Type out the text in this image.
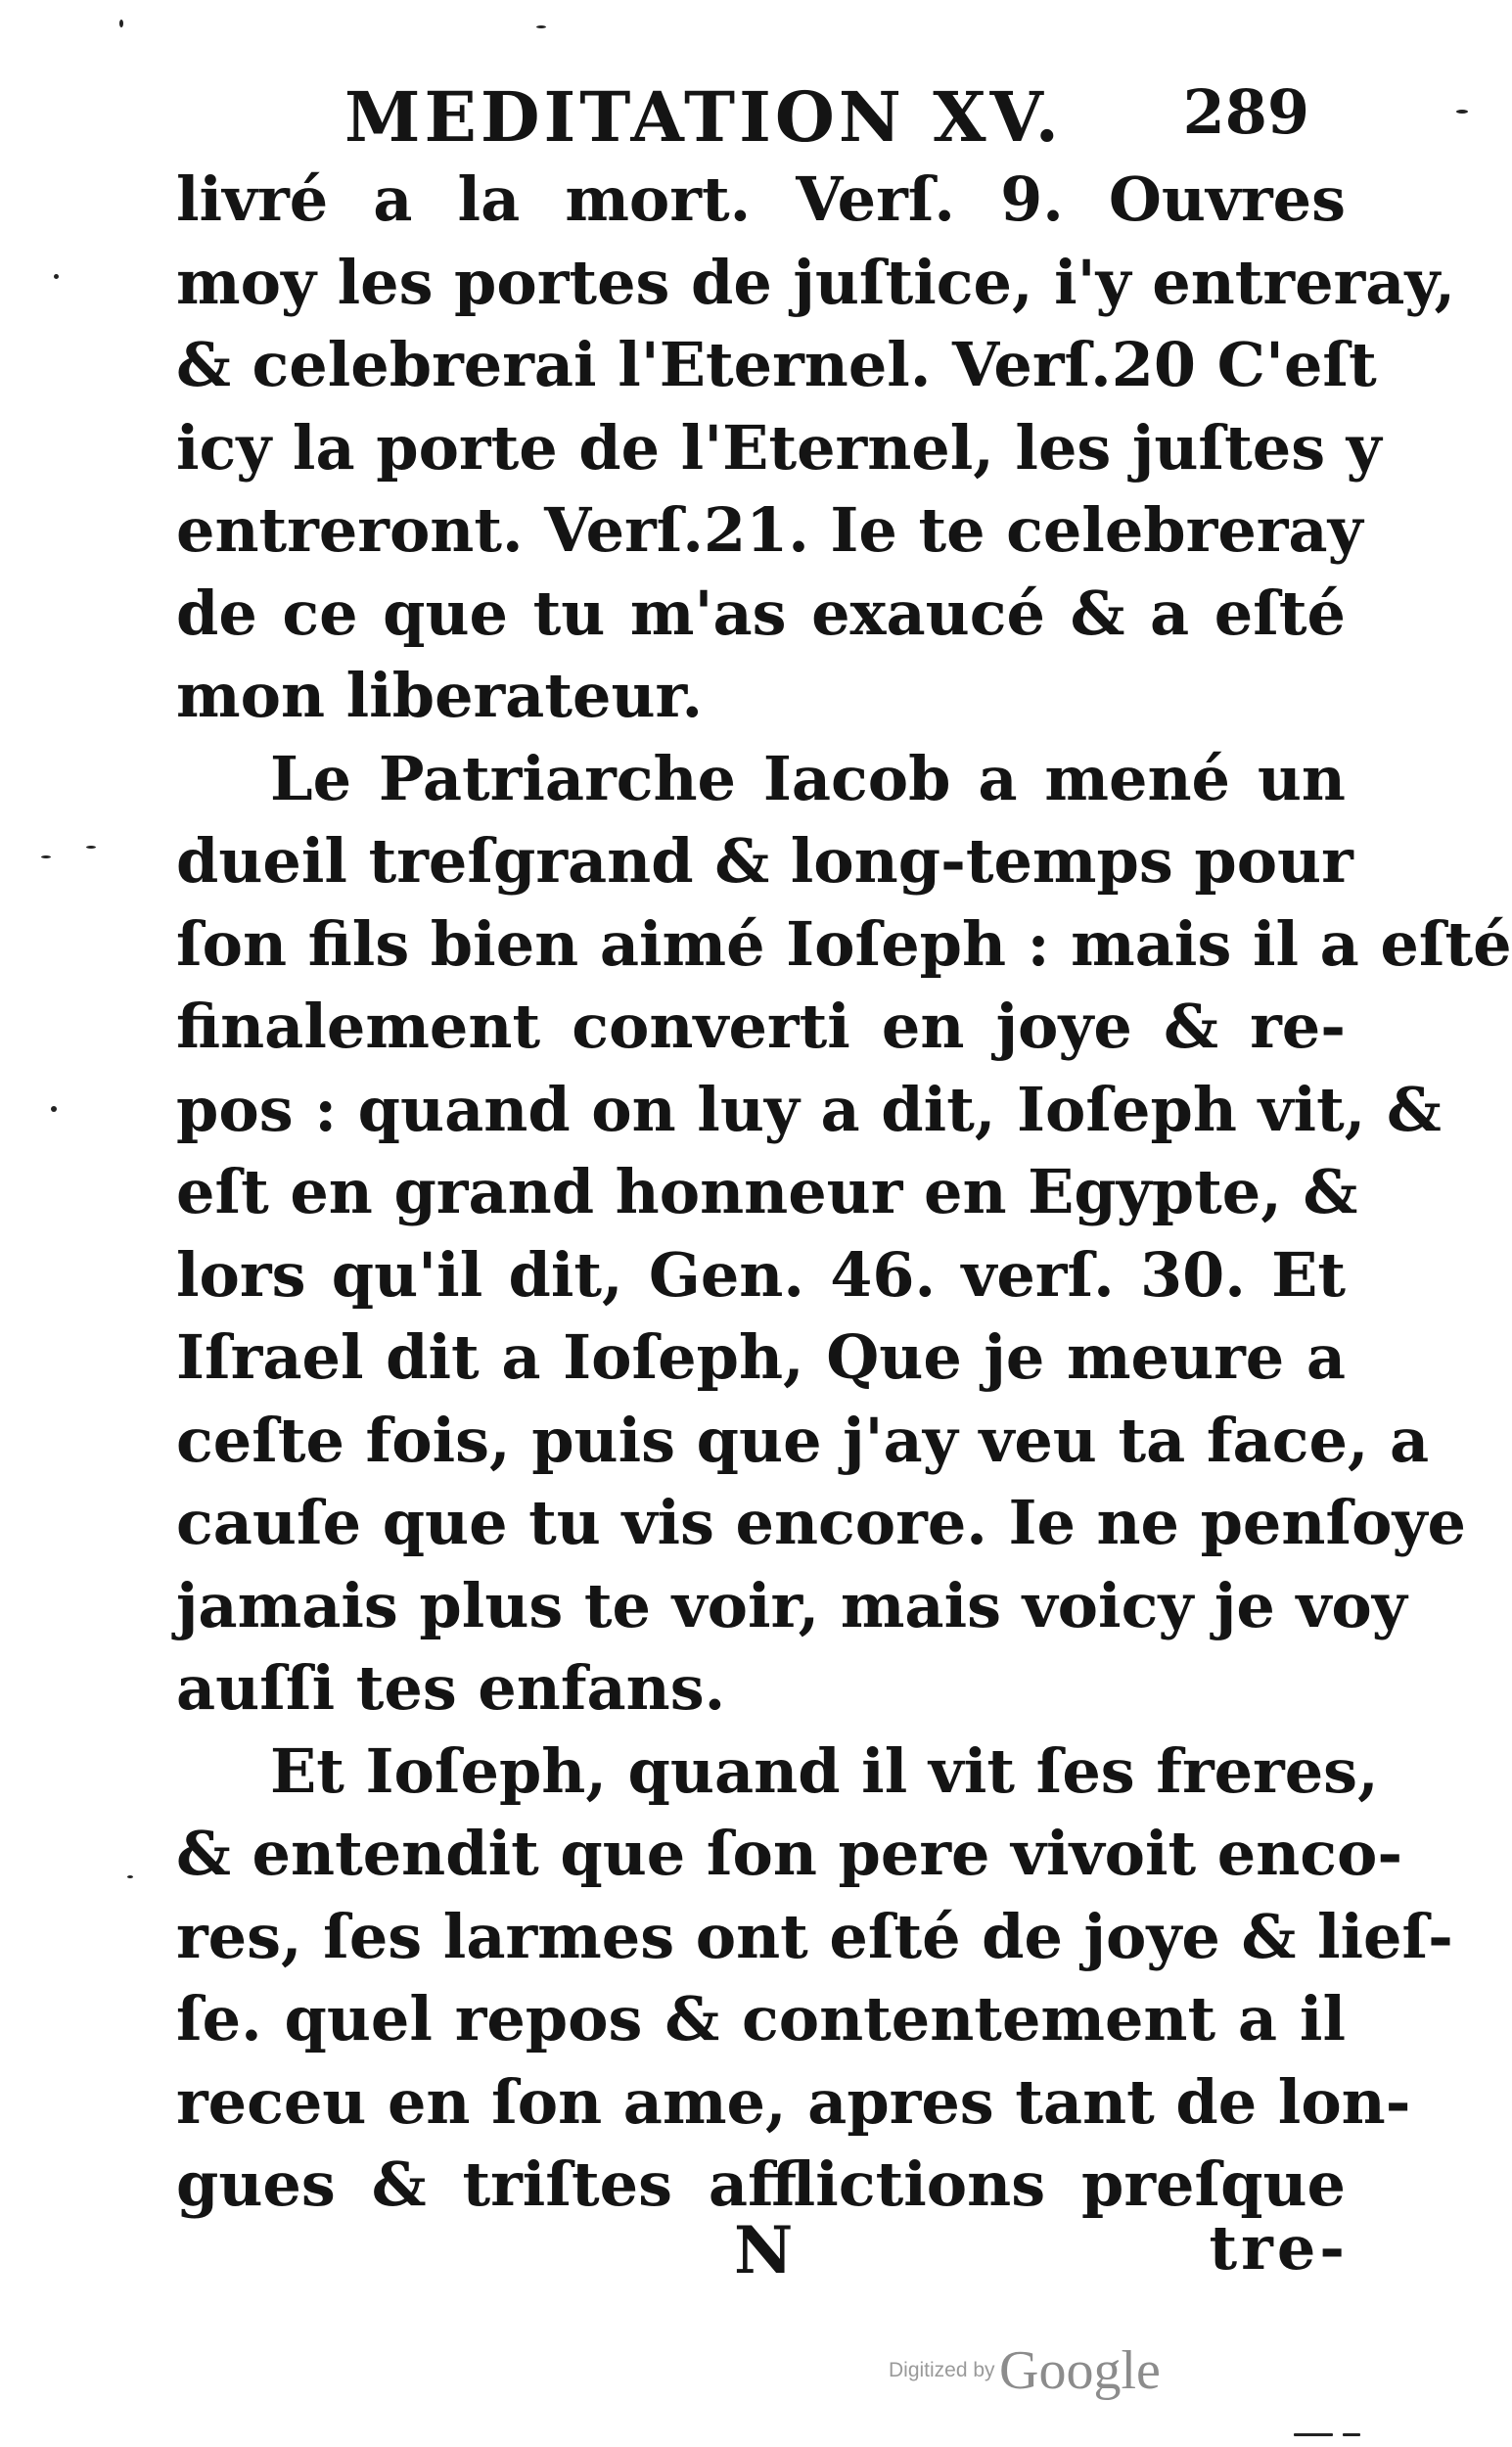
MEDITATION XV. 289
livré a la mort. Verſ. 9. Ouvres
moy les portes de juſtice, i'y entreray,
& celebrerai l'Eternel. Verſ.20 C'eſt
icy la porte de l'Eternel, les juſtes y
entreront. Verſ.21. Ie te celebreray
de ce que tu m'as exaucé & a eſté
mon liberateur.
Le Patriarche Iacob a mené un
dueil treſgrand & long-temps pour
ſon fils bien aimé Ioſeph : mais il a eſté
finalement converti en joye & re-
pos : quand on luy a dit, Ioſeph vit, &
eſt en grand honneur en Egypte, &
lors qu'il dit, Gen. 46. verſ. 30. Et
Iſrael dit a Ioſeph, Que je meure a
ceſte fois, puis que j'ay veu ta face, a
cauſe que tu vis encore. Ie ne penſoye
jamais plus te voir, mais voicy je voy
auſſi tes enfans.
Et Ioſeph, quand il vit ſes freres,
& entendit que ſon pere vivoit enco-
res, ſes larmes ont eſté de joye & lieſ-
ſe. quel repos & contentement a il
receu en ſon ame, apres tant de lon-
gues & triſtes afflictions preſque
N	tre-
Digitized by Google
